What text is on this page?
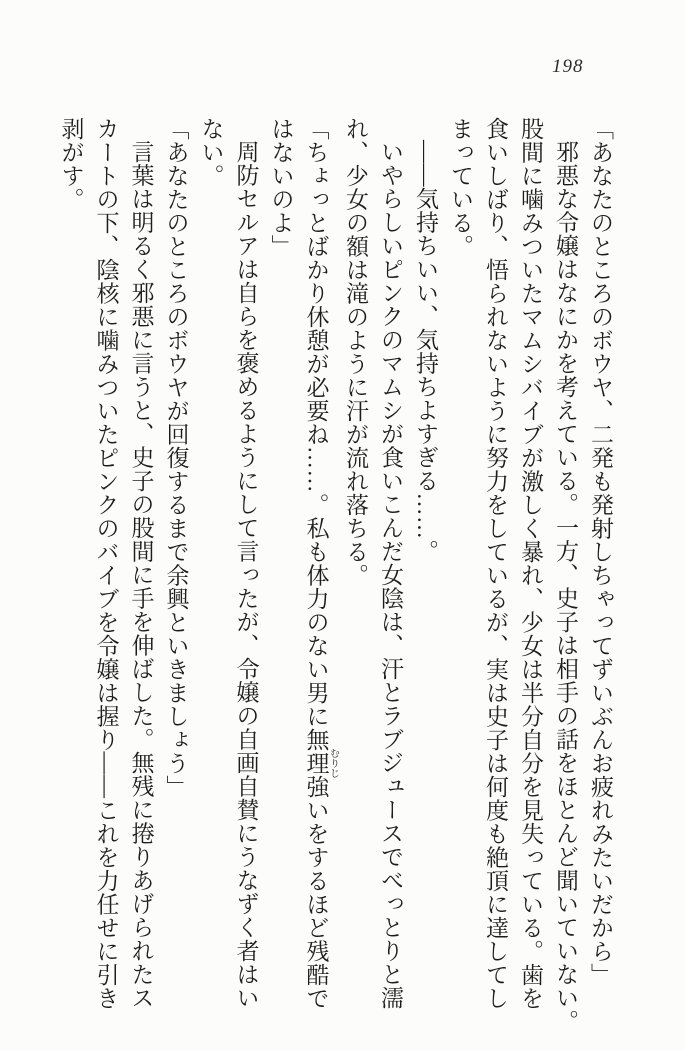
198
「あなたのところのボウヤ、二発も発射しちゃってずいぶんお疲れみたいだから」
邪悪な令嬢はなにかを考えている。一方、史子は相手の話をほとんど聞いていない。
股間に噛みついたマムシバイブが激しく暴れ、少女は半分自分を見失っている。歯を
食いしばり、悟られないように努力をしているが、実は史子は何度も絶頂に達してし
まっている。
――気持ちいい、気持ちよすぎる……。
いやらしいピンクのマムシが食いこんだ女陰は、汗とラブジュースでべっとりと濡
れ、少女の額は滝のように汗が流れ落ちる。
「ちょっとばかり休憩が必要ね……。私も体力のない男に無理強 むりじいをするほど残酷で
はないのよ」
周防セルアは自らを褒めるようにして言ったが、令嬢の自画自賛にうなずく者はい
ない。
「あなたのところのボウヤが回復するまで余興といきましょう」
言葉は明るく邪悪に言うと、史子の股間に手を伸ばした。無残に捲りあげられたス
カートの下、陰核に噛みついたピンクのバイブを令嬢は握り――これを力任せに引き
剥がす。
